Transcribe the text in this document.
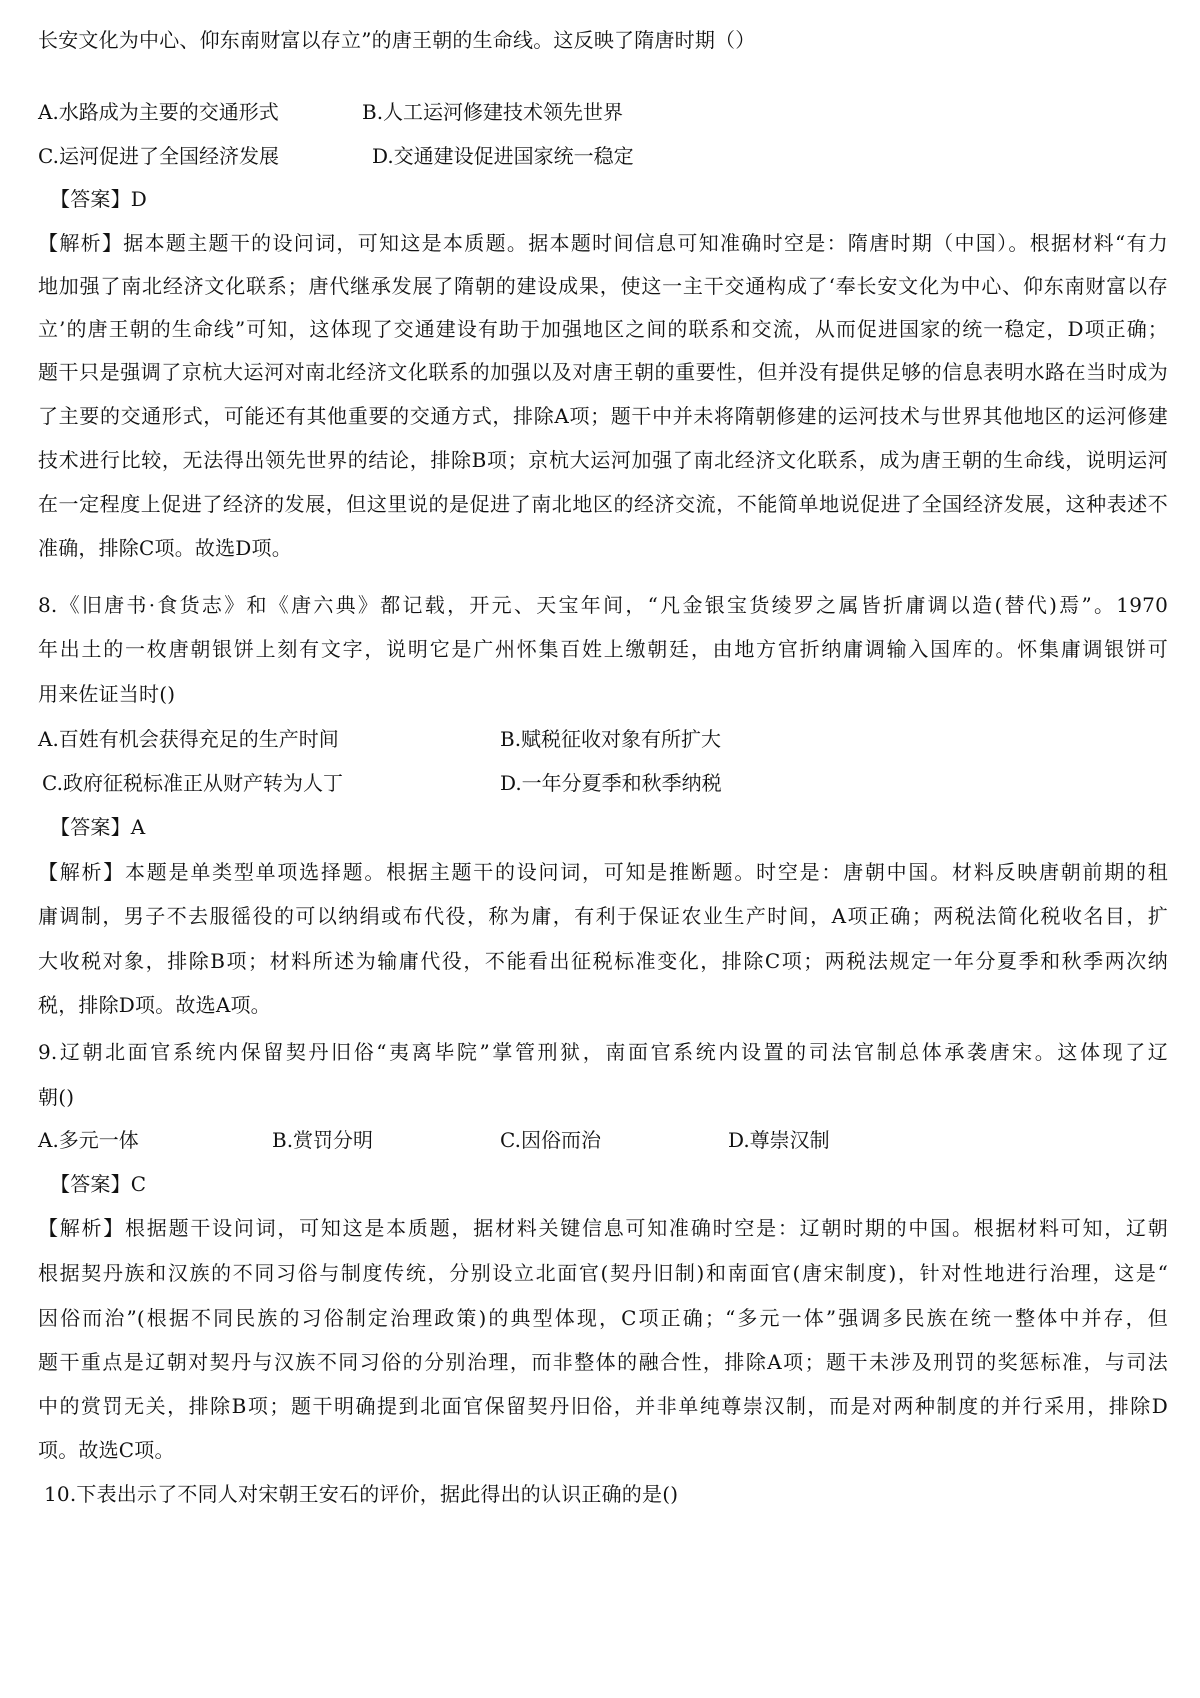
长安文化为中心、仰东南财富以存立”的唐王朝的生命线。这反映了隋唐时期（）
A.水路成为主要的交通形式	B.人工运河修建技术领先世界
C.运河促进了全国经济发展	D.交通建设促进国家统一稳定
【答案】D
【解析】据本题主题干的设问词，可知这是本质题。据本题时间信息可知准确时空是：隋唐时期（中国）。根据材料“有力
地加强了南北经济文化联系；唐代继承发展了隋朝的建设成果，使这一主干交通构成了‘奉长安文化为中心、仰东南财富以存
立’的唐王朝的生命线”可知，这体现了交通建设有助于加强地区之间的联系和交流，从而促进国家的统一稳定，D项正确；
题干只是强调了京杭大运河对南北经济文化联系的加强以及对唐王朝的重要性，但并没有提供足够的信息表明水路在当时成为
了主要的交通形式，可能还有其他重要的交通方式，排除A项；题干中并未将隋朝修建的运河技术与世界其他地区的运河修建
技术进行比较，无法得出领先世界的结论，排除B项；京杭大运河加强了南北经济文化联系，成为唐王朝的生命线，说明运河
在一定程度上促进了经济的发展，但这里说的是促进了南北地区的经济交流，不能简单地说促进了全国经济发展，这种表述不
准确，排除C项。故选D项。
8.《旧唐书·食货志》和《唐六典》都记载，开元、天宝年间，“凡金银宝货绫罗之属皆折庸调以造(替代)焉”。1970
年出土的一枚唐朝银饼上刻有文字，说明它是广州怀集百姓上缴朝廷，由地方官折纳庸调输入国库的。怀集庸调银饼可
用来佐证当时()
A.百姓有机会获得充足的生产时间	B.赋税征收对象有所扩大
C.政府征税标准正从财产转为人丁	D.一年分夏季和秋季纳税
【答案】A
【解析】本题是单类型单项选择题。根据主题干的设问词，可知是推断题。时空是：唐朝中国。材料反映唐朝前期的租
庸调制，男子不去服徭役的可以纳绢或布代役，称为庸，有利于保证农业生产时间，A项正确；两税法简化税收名目，扩
大收税对象，排除B项；材料所述为输庸代役，不能看出征税标准变化，排除C项；两税法规定一年分夏季和秋季两次纳
税，排除D项。故选A项。
9.辽朝北面官系统内保留契丹旧俗“夷离毕院”掌管刑狱，南面官系统内设置的司法官制总体承袭唐宋。这体现了辽
朝()
A.多元一体	B.赏罚分明	C.因俗而治	D.尊崇汉制
【答案】C
【解析】根据题干设问词，可知这是本质题，据材料关键信息可知准确时空是：辽朝时期的中国。根据材料可知，辽朝
根据契丹族和汉族的不同习俗与制度传统，分别设立北面官(契丹旧制)和南面官(唐宋制度)，针对性地进行治理，这是“
因俗而治”(根据不同民族的习俗制定治理政策)的典型体现，C项正确；“多元一体”强调多民族在统一整体中并存，但
题干重点是辽朝对契丹与汉族不同习俗的分别治理，而非整体的融合性，排除A项；题干未涉及刑罚的奖惩标准，与司法
中的赏罚无关，排除B项；题干明确提到北面官保留契丹旧俗，并非单纯尊崇汉制，而是对两种制度的并行采用，排除D
项。故选C项。
10.下表出示了不同人对宋朝王安石的评价，据此得出的认识正确的是()
